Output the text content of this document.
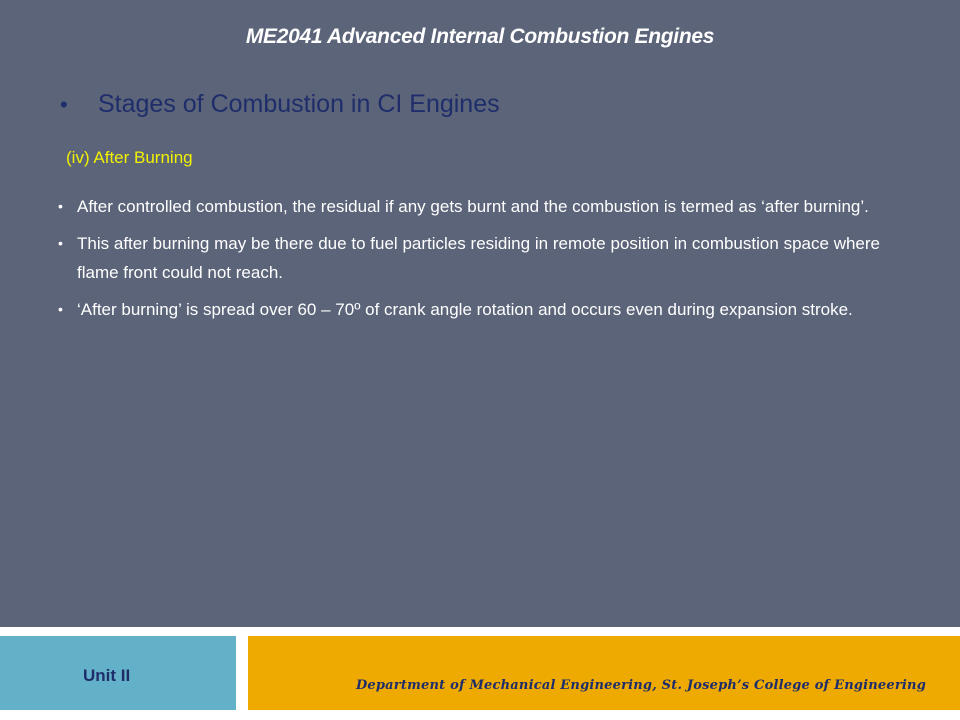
ME2041 Advanced Internal Combustion Engines
• Stages of Combustion in CI Engines
(iv) After Burning
• After controlled combustion, the residual if any gets burnt and the combustion is termed as ‘after burning’.
• This after burning may be there due to fuel particles residing in remote position in combustion space where flame front could not reach.
• ‘After burning’ is spread over 60 – 70º of crank angle rotation and occurs even during expansion stroke.
Unit II
Department of Mechanical Engineering, St. Joseph’s College of Engineering
